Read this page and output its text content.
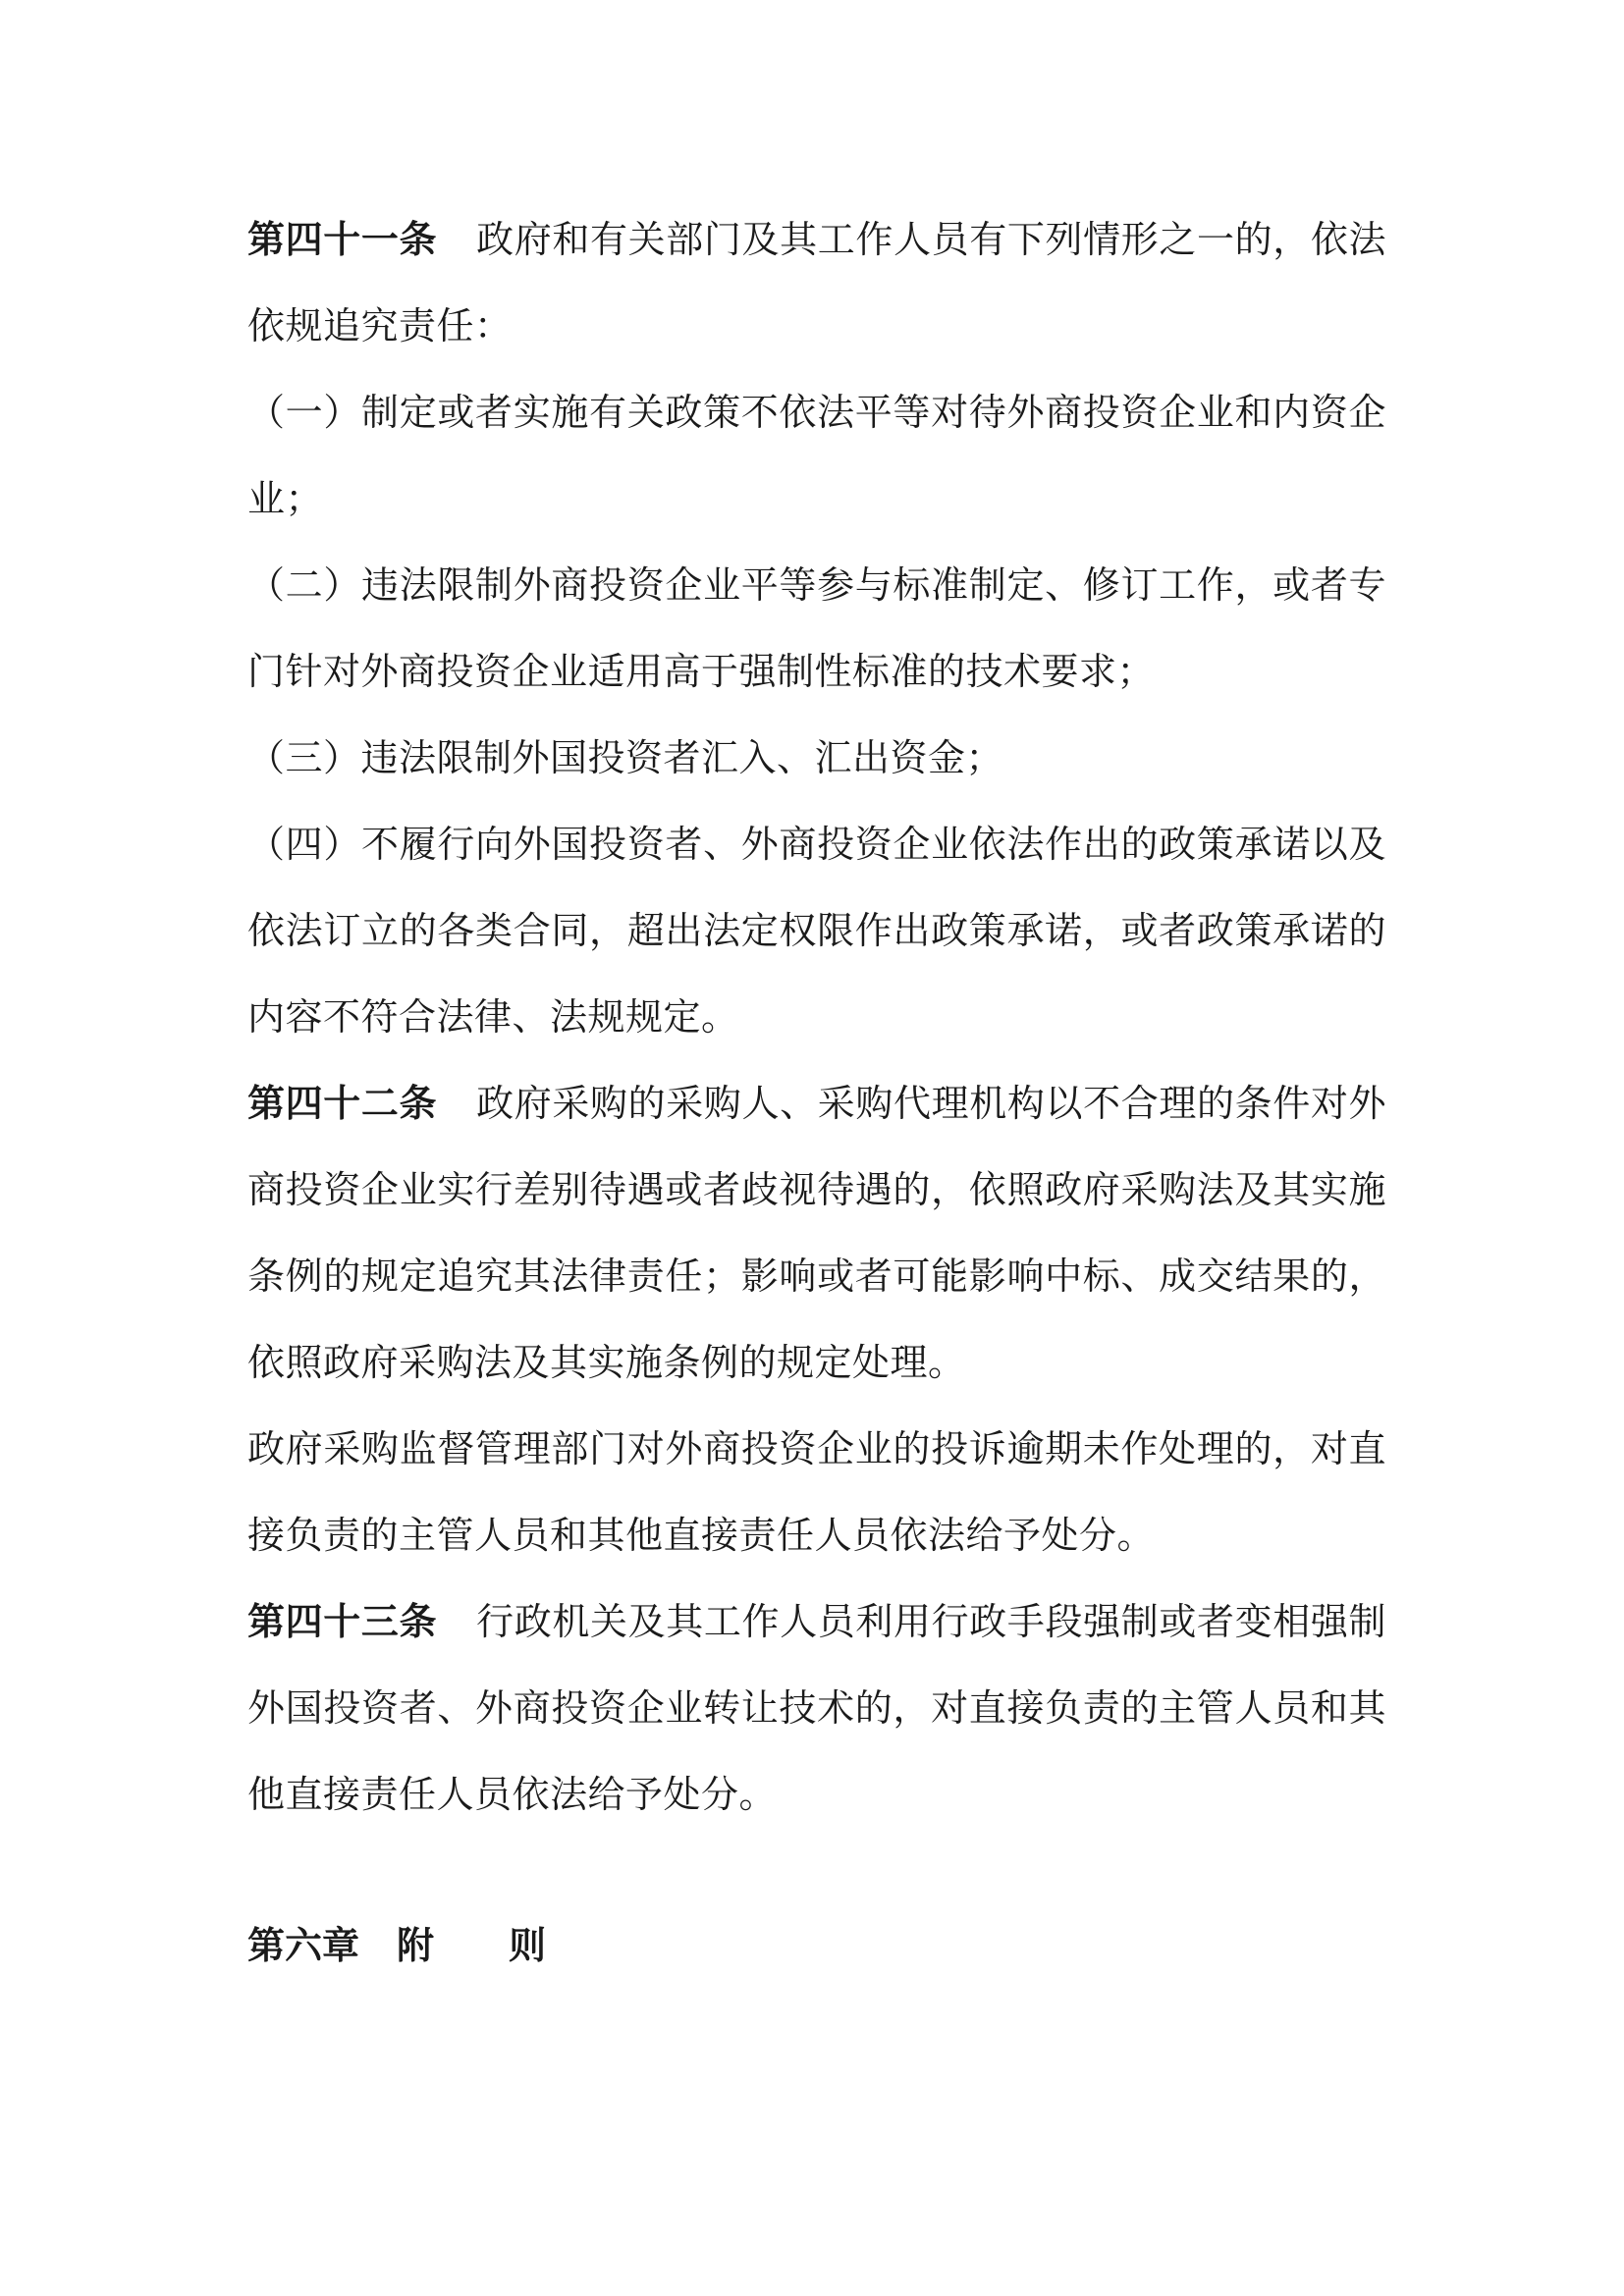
第四十一条 政府和有关部门及其工作人员有下列情形之一的，依法依规追究责任：

（一）制定或者实施有关政策不依法平等对待外商投资企业和内资企业；

（二）违法限制外商投资企业平等参与标准制定、修订工作，或者专门针对外商投资企业适用高于强制性标准的技术要求；

（三）违法限制外国投资者汇入、汇出资金；

（四）不履行向外国投资者、外商投资企业依法作出的政策承诺以及依法订立的各类合同，超出法定权限作出政策承诺，或者政策承诺的内容不符合法律、法规规定。

第四十二条 政府采购的采购人、采购代理机构以不合理的条件对外商投资企业实行差别待遇或者歧视待遇的，依照政府采购法及其实施条例的规定追究其法律责任；影响或者可能影响中标、成交结果的，依照政府采购法及其实施条例的规定处理。

政府采购监督管理部门对外商投资企业的投诉逾期未作处理的，对直接负责的主管人员和其他直接责任人员依法给予处分。

第四十三条 行政机关及其工作人员利用行政手段强制或者变相强制外国投资者、外商投资企业转让技术的，对直接负责的主管人员和其他直接责任人员依法给予处分。

第六章　附　　则
